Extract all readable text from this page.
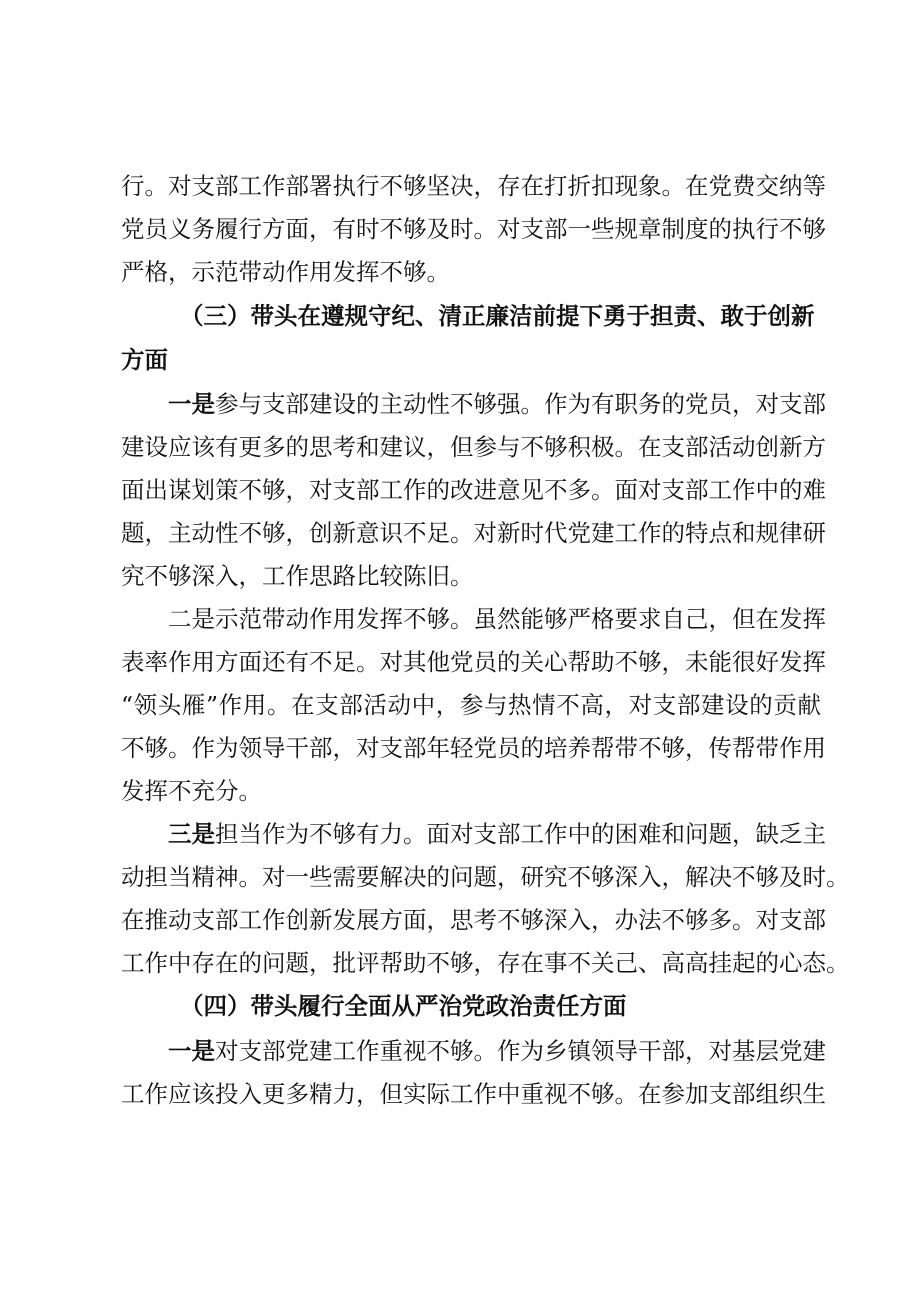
行。对支部工作部署执行不够坚决，存在打折扣现象。在党费交纳等
党员义务履行方面，有时不够及时。对支部一些规章制度的执行不够
严格，示范带动作用发挥不够。
（三）带头在遵规守纪、清正廉洁前提下勇于担责、敢于创新
方面
一是参与支部建设的主动性不够强。作为有职务的党员，对支部
建设应该有更多的思考和建议，但参与不够积极。在支部活动创新方
面出谋划策不够，对支部工作的改进意见不多。面对支部工作中的难
题，主动性不够，创新意识不足。对新时代党建工作的特点和规律研
究不够深入，工作思路比较陈旧。
二是示范带动作用发挥不够。虽然能够严格要求自己，但在发挥
表率作用方面还有不足。对其他党员的关心帮助不够，未能很好发挥
“领头雁”作用。在支部活动中，参与热情不高，对支部建设的贡献
不够。作为领导干部，对支部年轻党员的培养帮带不够，传帮带作用
发挥不充分。
三是担当作为不够有力。面对支部工作中的困难和问题，缺乏主
动担当精神。对一些需要解决的问题，研究不够深入，解决不够及时。
在推动支部工作创新发展方面，思考不够深入，办法不够多。对支部
工作中存在的问题，批评帮助不够，存在事不关己、高高挂起的心态。
（四）带头履行全面从严治党政治责任方面
一是对支部党建工作重视不够。作为乡镇领导干部，对基层党建
工作应该投入更多精力，但实际工作中重视不够。在参加支部组织生
